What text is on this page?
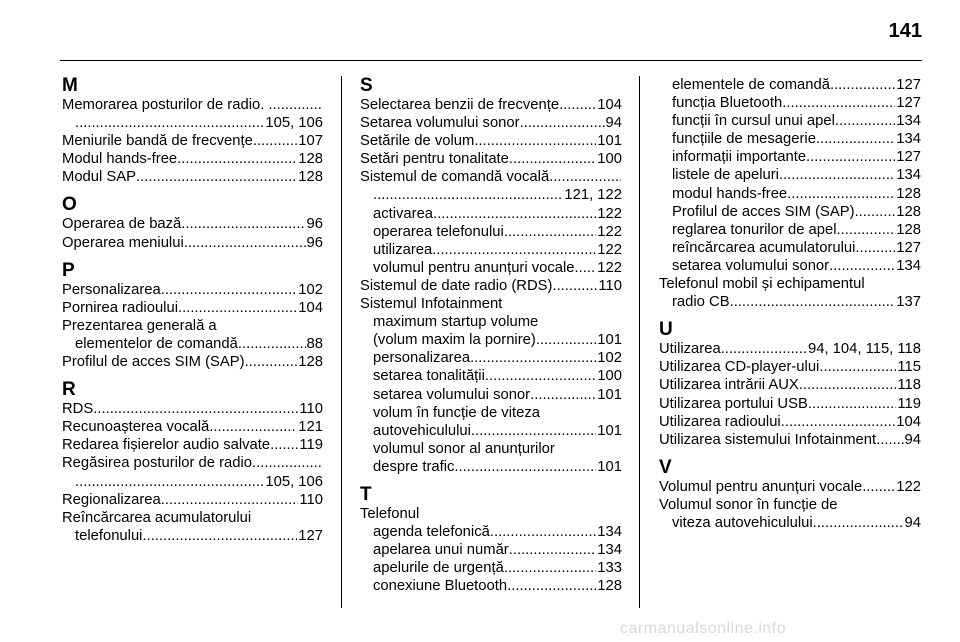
141
M
Memorarea posturilor de radio. .
.....
.....
105, 106
Meniurile bandă de frecvențe .....	107
Modul hands-free .....	128
Modul SAP .....	128
O
Operarea de bază .....	96
Operarea meniului .....	96
P
Personalizarea .....	102
Pornirea radioului .....	104
Prezentarea generală a
elementelor de comandă .....	88
Profilul de acces SIM (SAP) .....	128
R
RDS .....	110
Recunoașterea vocală .....	121
Redarea fișierelor audio salvate. ..... 119
Regăsirea posturilor de radio
.....
.....
105, 106
Regionalizarea .....	110
Reîncărcarea acumulatorului
telefonului .....	127
S
Selectarea benzii de frecvențe .....	104
Setarea volumului sonor .....	94
Setările de volum .....	101
Setări pentru tonalitate .....	100
Sistemul de comandă vocală
.....
.....
121, 122
activarea .....	122
operarea telefonului .....	122
utilizarea .....	122
volumul pentru anunțuri vocale ..... 122
Sistemul de date radio (RDS) .....	110
Sistemul Infotainment
maximum startup volume
(volum maxim la pornire) .....	101
personalizarea .....	102
setarea tonalității .....	100
setarea volumului sonor .....	101
volum în funcție de viteza
autovehiculului .....	101
volumul sonor al anunțurilor
despre trafic .....	101
T
Telefonul
agenda telefonică .....	134
apelarea unui număr .....	134
apelurile de urgență .....	133
conexiune Bluetooth .....	128
elementele de comandă .....	127
funcția Bluetooth .....	127
funcții în cursul unui apel .....	134
funcțiile de mesagerie .....	134
informații importante .....	127
listele de apeluri .....	134
modul hands-free .....	128
Profilul de acces SIM (SAP) .....	128
reglarea tonurilor de apel .....	128
reîncărcarea acumulatorului .....	127
setarea volumului sonor .....	134
Telefonul mobil și echipamentul
radio CB .....	137
U
Utilizarea .....	94, 104, 115, 118
Utilizarea CD-player-ului .....	115
Utilizarea intrării AUX .....	118
Utilizarea portului USB .....	119
Utilizarea radioului .....	104
Utilizarea sistemului Infotainment. ..... 94
V
Volumul pentru anunțuri vocale ..... 122
Volumul sonor în funcție de
viteza autovehiculului .....	94
carmanualsonline.info
